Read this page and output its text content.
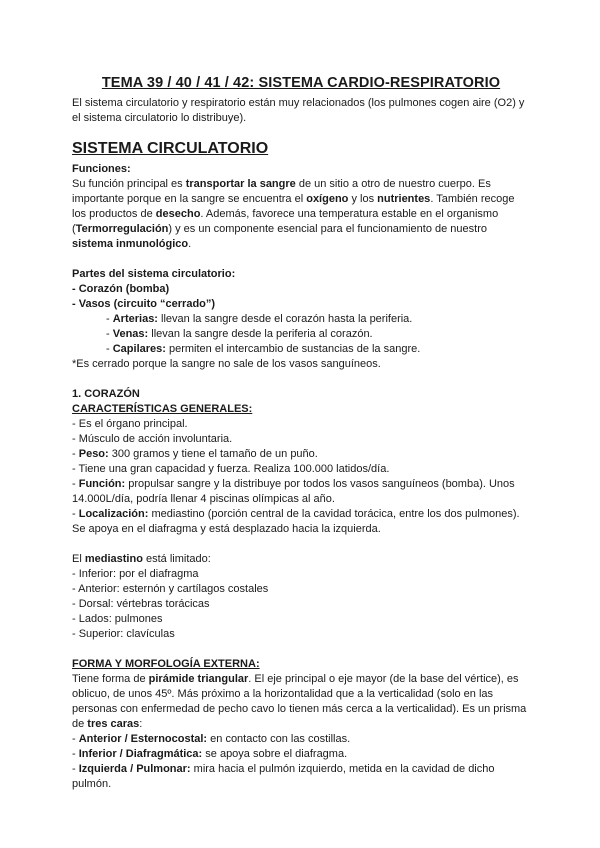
TEMA 39 / 40 / 41 / 42: SISTEMA CARDIO-RESPIRATORIO

El sistema circulatorio y respiratorio están muy relacionados (los pulmones cogen aire (O2) y el sistema circulatorio lo distribuye).

SISTEMA CIRCULATORIO

Funciones:

Su función principal es transportar la sangre de un sitio a otro de nuestro cuerpo. Es importante porque en la sangre se encuentra el oxígeno y los nutrientes. También recoge los productos de desecho. Además, favorece una temperatura estable en el organismo (Termorregulación) y es un componente esencial para el funcionamiento de nuestro sistema inmunológico.

Partes del sistema circulatorio:

- Corazón (bomba)

- Vasos (circuito “cerrado”)

- Arterias: llevan la sangre desde el corazón hasta la periferia.

- Venas: llevan la sangre desde la periferia al corazón.

- Capilares: permiten el intercambio de sustancias de la sangre.

*Es cerrado porque la sangre no sale de los vasos sanguíneos.

1. CORAZÓN

CARACTERÍSTICAS GENERALES:

- Es el órgano principal.

- Músculo de acción involuntaria.

- Peso: 300 gramos y tiene el tamaño de un puño.

- Tiene una gran capacidad y fuerza. Realiza 100.000 latidos/día.

- Función: propulsar sangre y la distribuye por todos los vasos sanguíneos (bomba). Unos 14.000L/día, podría llenar 4 piscinas olímpicas al año.

- Localización: mediastino (porción central de la cavidad torácica, entre los dos pulmones). Se apoya en el diafragma y está desplazado hacia la izquierda.

El mediastino está limitado:

- Inferior: por el diafragma

- Anterior: esternón y cartílagos costales

- Dorsal: vértebras torácicas

- Lados: pulmones

- Superior: clavículas

FORMA Y MORFOLOGÍA EXTERNA:

Tiene forma de pirámide triangular. El eje principal o eje mayor (de la base del vértice), es oblicuo, de unos 45º. Más próximo a la horizontalidad que a la verticalidad (solo en las personas con enfermedad de pecho cavo lo tienen más cerca a la verticalidad). Es un prisma de tres caras:

- Anterior / Esternocostal: en contacto con las costillas.

- Inferior / Diafragmática: se apoya sobre el diafragma.

- Izquierda / Pulmonar: mira hacia el pulmón izquierdo, metida en la cavidad de dicho pulmón.
